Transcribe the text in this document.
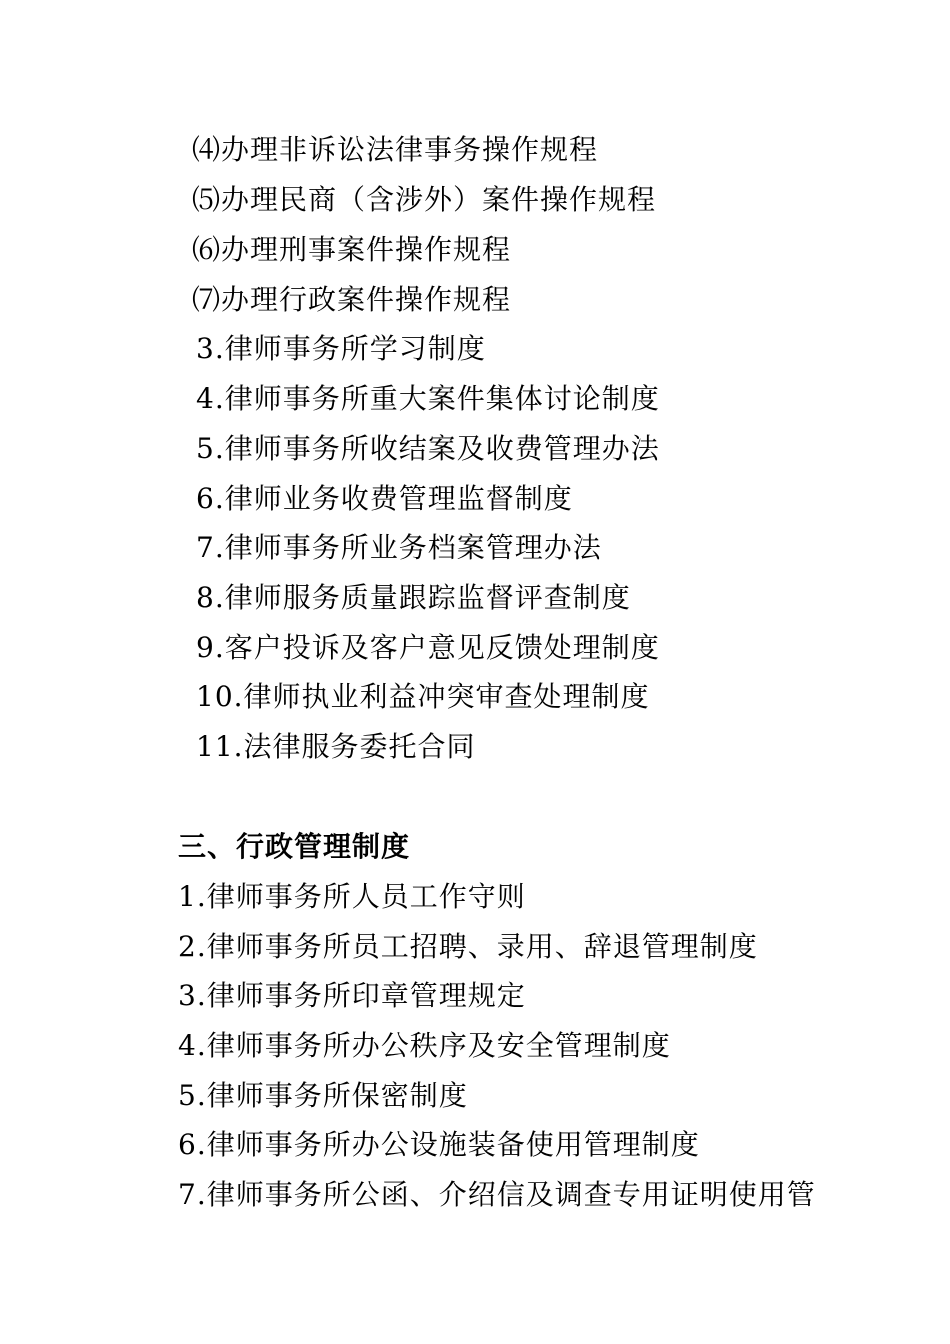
⑷办理非诉讼法律事务操作规程
⑸办理民商（含涉外）案件操作规程
⑹办理刑事案件操作规程
⑺办理行政案件操作规程
3.律师事务所学习制度
4.律师事务所重大案件集体讨论制度
5.律师事务所收结案及收费管理办法
6.律师业务收费管理监督制度
7.律师事务所业务档案管理办法
8.律师服务质量跟踪监督评查制度
9.客户投诉及客户意见反馈处理制度
10.律师执业利益冲突审查处理制度
11.法律服务委托合同
三、行政管理制度
1.律师事务所人员工作守则
2.律师事务所员工招聘、录用、辞退管理制度
3.律师事务所印章管理规定
4.律师事务所办公秩序及安全管理制度
5.律师事务所保密制度
6.律师事务所办公设施装备使用管理制度
7.律师事务所公函、介绍信及调查专用证明使用管
